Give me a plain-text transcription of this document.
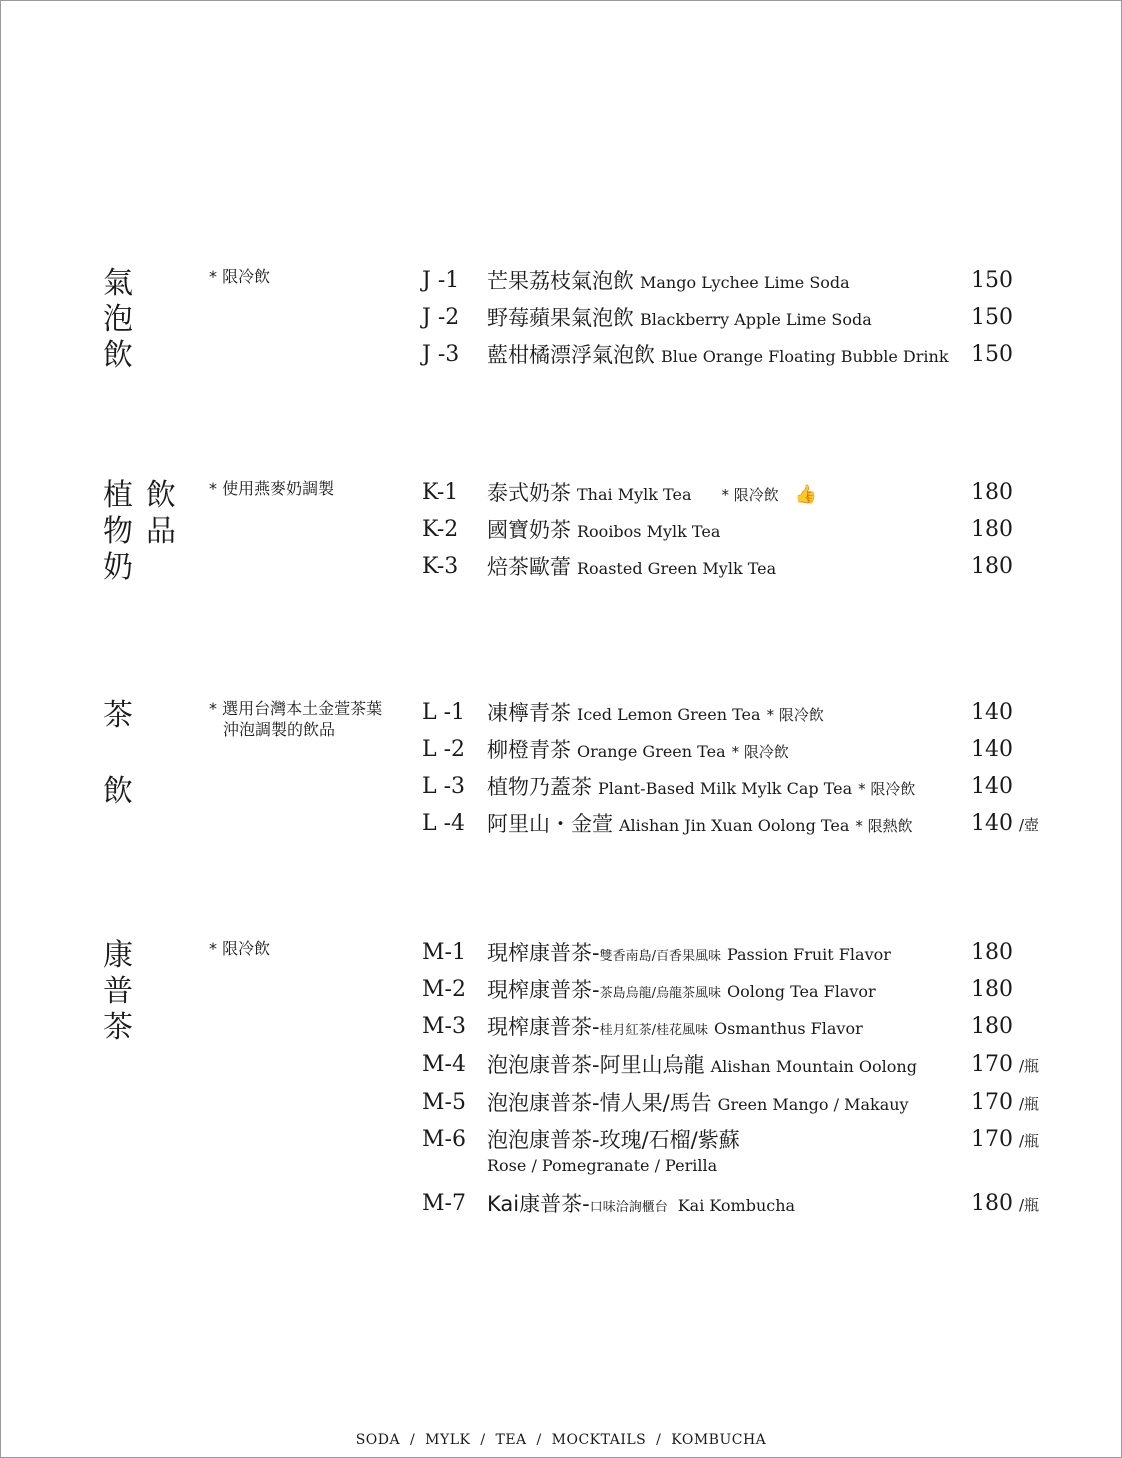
氣
泡
飲
* 限冷飲	J -1 芒果荔枝氣泡飲 Mango Lychee Lime Soda	150
J -2 野莓蘋果氣泡飲 Blackberry Apple Lime Soda	150
J -3 藍柑橘漂浮氣泡飲 Blue Orange Floating Bubble Drink 150
植
物
奶
飲
品
* 使用燕麥奶調製	K-1 泰式奶茶 Thai Mylk Tea * 限冷飲 👍	180
K-2 國寶奶茶 Rooibos Mylk Tea	180
K-3 焙茶歐蕾 Roasted Green Mylk Tea	180
茶
飲
* 選用台灣本土金萱茶葉
沖泡調製的飲品
L -1 凍檸青茶 Iced Lemon Green Tea * 限冷飲	140
L -2 柳橙青茶 Orange Green Tea * 限冷飲	140
L -3 植物乃蓋茶 Plant-Based Milk Mylk Cap Tea * 限冷飲	140
L -4 阿里山・金萱 Alishan Jin Xuan Oolong Tea * 限熱飲	140 /壺
康
普
茶
* 限冷飲	M-1 現榨康普茶-雙香南島/百香果風味 Passion Fruit Flavor	180
M-2 現榨康普茶-茶島烏龍/烏龍茶風味 Oolong Tea Flavor	180
M-3 現榨康普茶-桂月紅茶/桂花風味 Osmanthus Flavor	180
M-4 泡泡康普茶-阿里山烏龍 Alishan Mountain Oolong 170 /瓶
M-5 泡泡康普茶-情人果/馬告 Green Mango / Makauy	170 /瓶
M-6 泡泡康普茶-玫瑰/石榴/紫蘇
Rose / Pomegranate / Perilla
170 /瓶
M-7 Kai康普茶-口味洽詢櫃台 Kai Kombucha	180 /瓶
SODA  /  MYLK  /  TEA  /  MOCKTAILS  /  KOMBUCHA
